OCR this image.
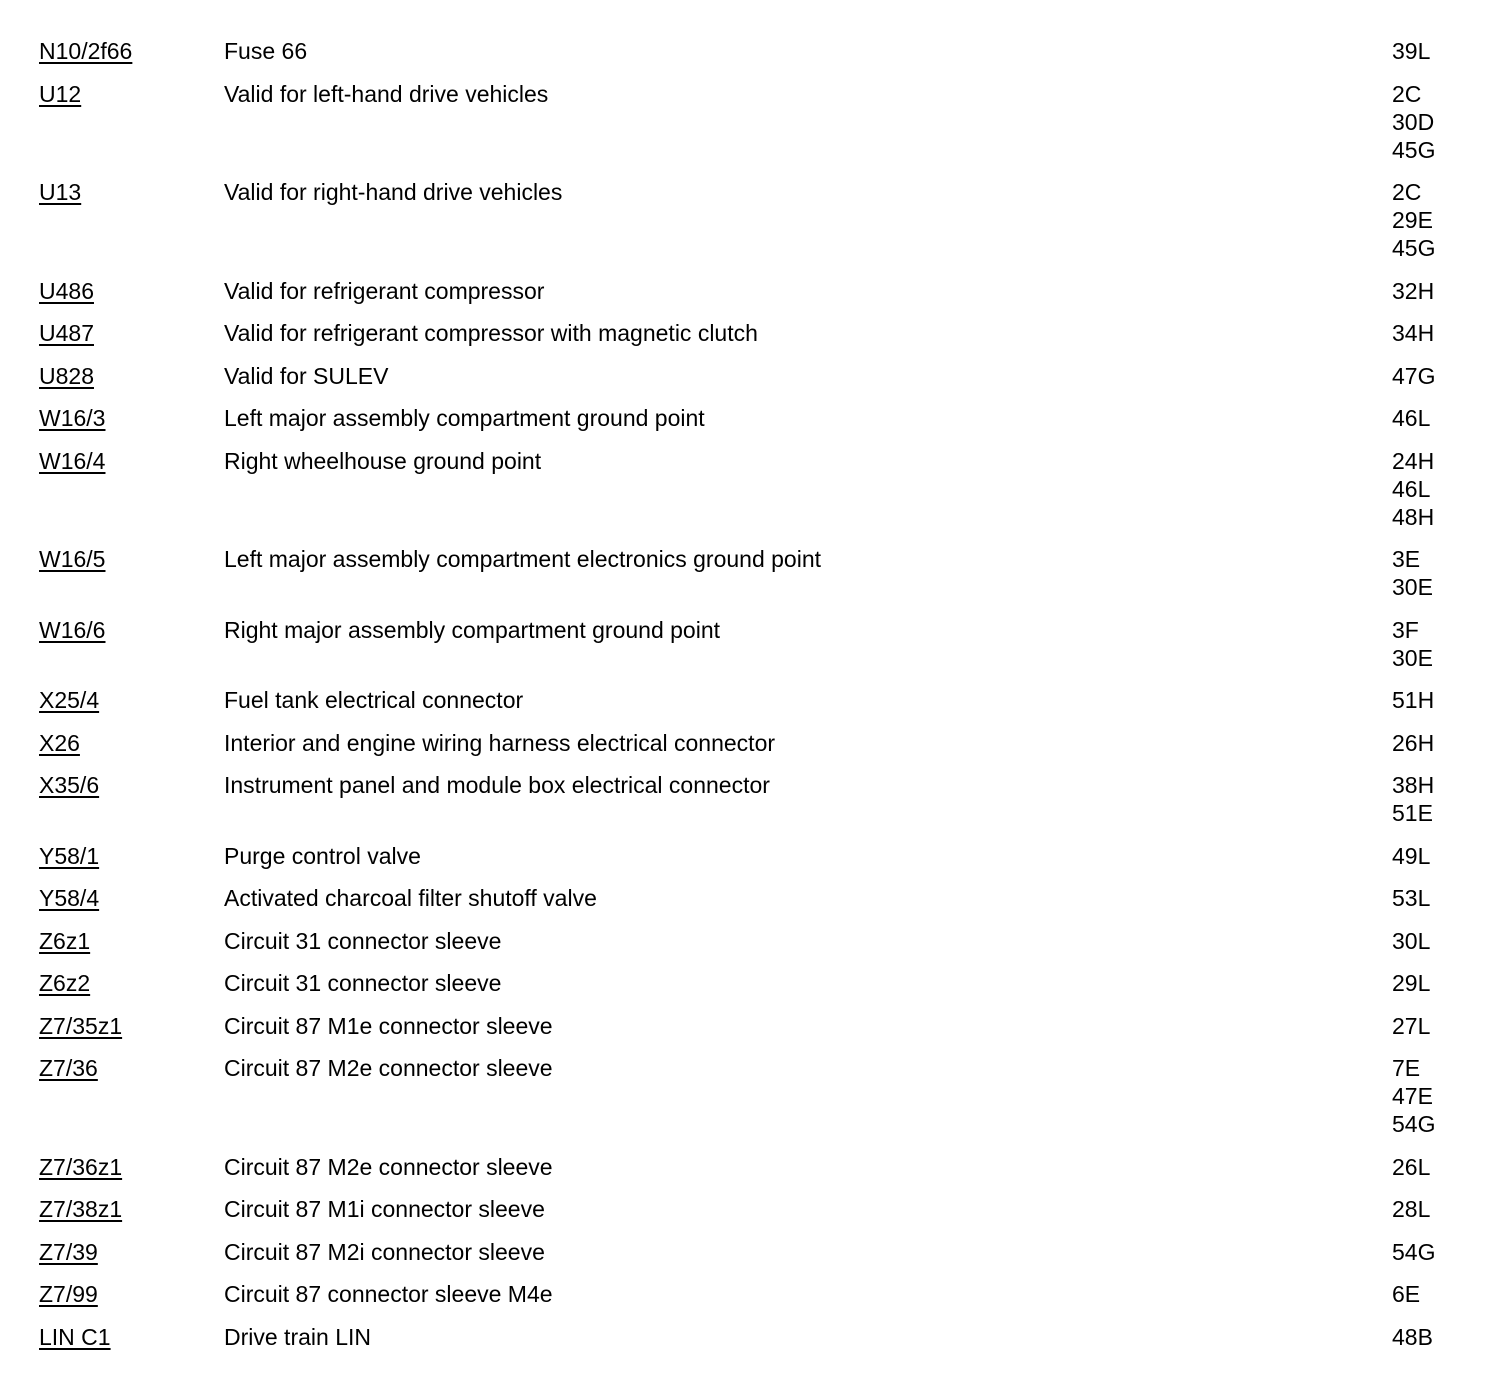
N10/2f66	Fuse 66	39L
U12	Valid for left-hand drive vehicles	2C
30D
45G
U13	Valid for right-hand drive vehicles	2C
29E
45G
U486	Valid for refrigerant compressor	32H
U487	Valid for refrigerant compressor with magnetic clutch	34H
U828	Valid for SULEV	47G
W16/3	Left major assembly compartment ground point	46L
W16/4	Right wheelhouse ground point	24H
46L
48H
W16/5	Left major assembly compartment electronics ground point	3E
30E
W16/6	Right major assembly compartment ground point	3F
30E
X25/4	Fuel tank electrical connector	51H
X26	Interior and engine wiring harness electrical connector	26H
X35/6	Instrument panel and module box electrical connector	38H
51E
Y58/1	Purge control valve	49L
Y58/4	Activated charcoal filter shutoff valve	53L
Z6z1	Circuit 31 connector sleeve	30L
Z6z2	Circuit 31 connector sleeve	29L
Z7/35z1	Circuit 87 M1e connector sleeve	27L
Z7/36	Circuit 87 M2e connector sleeve	7E
47E
54G
Z7/36z1	Circuit 87 M2e connector sleeve	26L
Z7/38z1	Circuit 87 M1i connector sleeve	28L
Z7/39	Circuit 87 M2i connector sleeve	54G
Z7/99	Circuit 87 connector sleeve M4e	6E
LIN C1	Drive train LIN	48B
